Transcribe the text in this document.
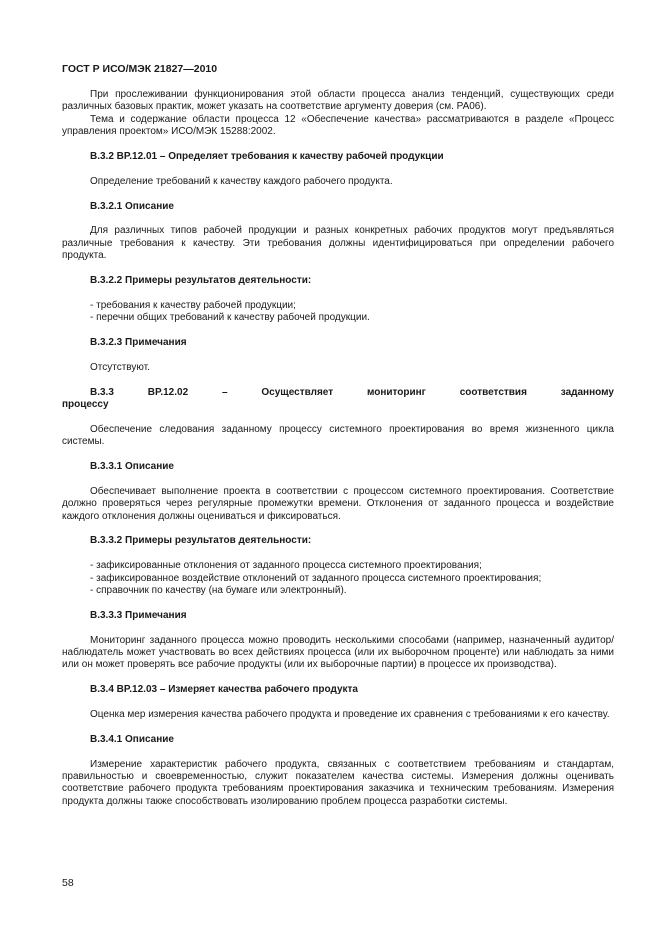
ГОСТ Р ИСО/МЭК 21827—2010

При прослеживании функционирования этой области процесса анализ тенденций, существующих среди различных базовых практик, может указать на соответствие аргументу доверия (см. PA06).

Тема и содержание области процесса 12 «Обеспечение качества» рассматриваются в разделе «Процесс управления проектом» ИСО/МЭК 15288:2002.

B.3.2 BP.12.01 – Определяет требования к качеству рабочей продукции

Определение требований к качеству каждого рабочего продукта.

B.3.2.1 Описание

Для различных типов рабочей продукции и разных конкретных рабочих продуктов могут предъявляться различные требования к качеству. Эти требования должны идентифицироваться при определении рабочего продукта.

B.3.2.2 Примеры результатов деятельности:

- требования к качеству рабочей продукции;

- перечни общих требований к качеству рабочей продукции.

B.3.2.3 Примечания

Отсутствуют.

B.3.3	BP.12.02	–	Осуществляет	мониторинг	соответствия	заданному

процессу

Обеспечение следования заданному процессу системного проектирования во время жизненного цикла системы.

B.3.3.1 Описание

Обеспечивает выполнение проекта в соответствии с процессом системного проектирования. Соответствие должно проверяться через регулярные промежутки времени. Отклонения от заданного процесса и воздействие каждого отклонения должны оцениваться и фиксироваться.

B.3.3.2 Примеры результатов деятельности:

- зафиксированные отклонения от заданного процесса системного проектирования;

- зафиксированное воздействие отклонений от заданного процесса системного проектирования;

- справочник по качеству (на бумаге или электронный).

B.3.3.3 Примечания

Мониторинг заданного процесса можно проводить несколькими способами (например, назначенный аудитор/наблюдатель может участвовать во всех действиях процесса (или их выборочном проценте) или наблюдать за ними или он может проверять все рабочие продукты (или их выборочные партии) в процессе их производства).

B.3.4 BP.12.03 – Измеряет качества рабочего продукта

Оценка мер измерения качества рабочего продукта и проведение их сравнения с требованиями к его качеству.

B.3.4.1 Описание

Измерение характеристик рабочего продукта, связанных с соответствием требованиям и стандартам, правильностью и своевременностью, служит показателем качества системы. Измерения должны оценивать соответствие рабочего продукта требованиям проектирования заказчика и техническим требованиям. Измерения продукта должны также способствовать изолированию проблем процесса разработки системы.

58
